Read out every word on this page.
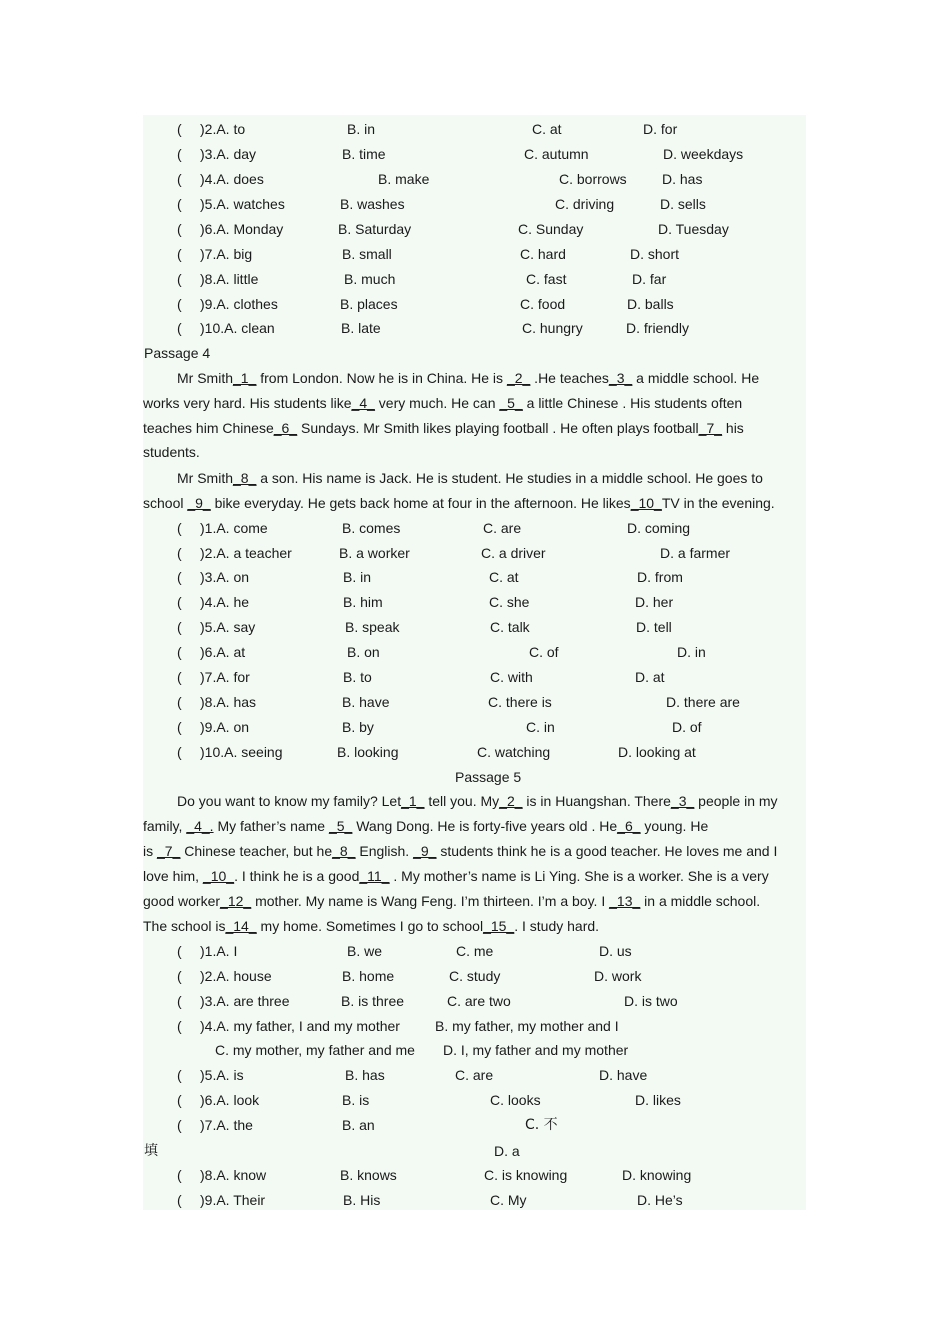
( )2.A. to	B. in	C. at	D. for
( )3.A. day	B. time	C. autumn	D. weekdays
( )4.A. does	B. make	C. borrows	D. has
( )5.A. watches	B. washes	C. driving	D. sells
( )6.A. Monday	B. Saturday	C. Sunday	D. Tuesday
( )7.A. big	B. small	C. hard	D. short
( )8.A. little	B. much	C. fast	D. far
( )9.A. clothes	B. places	C. food	D. balls
( )10.A. clean	B. late	C. hungry	D. friendly
Passage 4
Mr Smith_1_ from London. Now he is in China. He is _2_ .He teaches_3_ a middle school. He
works very hard. His students like_4_ very much. He can _5_ a little Chinese . His students often
teaches him Chinese_6_ Sundays. Mr Smith likes playing football . He often plays football_7_ his
students.
Mr Smith_8_ a son. His name is Jack. He is student. He studies in a middle school. He goes to
school _9_ bike everyday. He gets back home at four in the afternoon. He likes_10_TV in the evening.
( )1.A. come	B. comes	C. are	D. coming
( )2.A. a teacher	B. a worker	C. a driver	D. a farmer
( )3.A. on	B. in	C. at	D. from
( )4.A. he	B. him	C. she	D. her
( )5.A. say	B. speak	C. talk	D. tell
( )6.A. at	B. on	C. of	D. in
( )7.A. for	B. to	C. with	D. at
( )8.A. has	B. have	C. there is	D. there are
( )9.A. on	B. by	C. in	D. of
( )10.A. seeing	B. looking	C. watching	D. looking at
Passage 5
Do you want to know my family? Let_1_ tell you. My_2_ is in Huangshan. There_3_ people in my
family, _4_. My father’s name _5_ Wang Dong. He is forty-five years old . He_6_ young. He
is _7_ Chinese teacher, but he_8_ English. _9_ students think he is a good teacher. He loves me and I
love him, _10_. I think he is a good_11_ . My mother’s name is Li Ying. She is a worker. She is a very
good worker_12_ mother. My name is Wang Feng. I’m thirteen. I’m a boy. I _13_ in a middle school.
The school is_14_ my home. Sometimes I go to school_15_. I study hard.
( )1.A. I	B. we	C. me	D. us
( )2.A. house	B. home	C. study	D. work
( )3.A. are three	B. is three	C. are two	D. is two
( )4.A. my father, I and my mother	B. my father, my mother and I
C. my mother, my father and me D. I, my father and my mother
( )5.A. is	B. has	C. are	D. have
( )6.A. look	B. is	C. looks	D. likes
( )7.A. the	B. an	C. 不
填	D. a
( )8.A. know	B. knows	C. is knowing	D. knowing
( )9.A. Their	B. His	C. My	D. He’s
